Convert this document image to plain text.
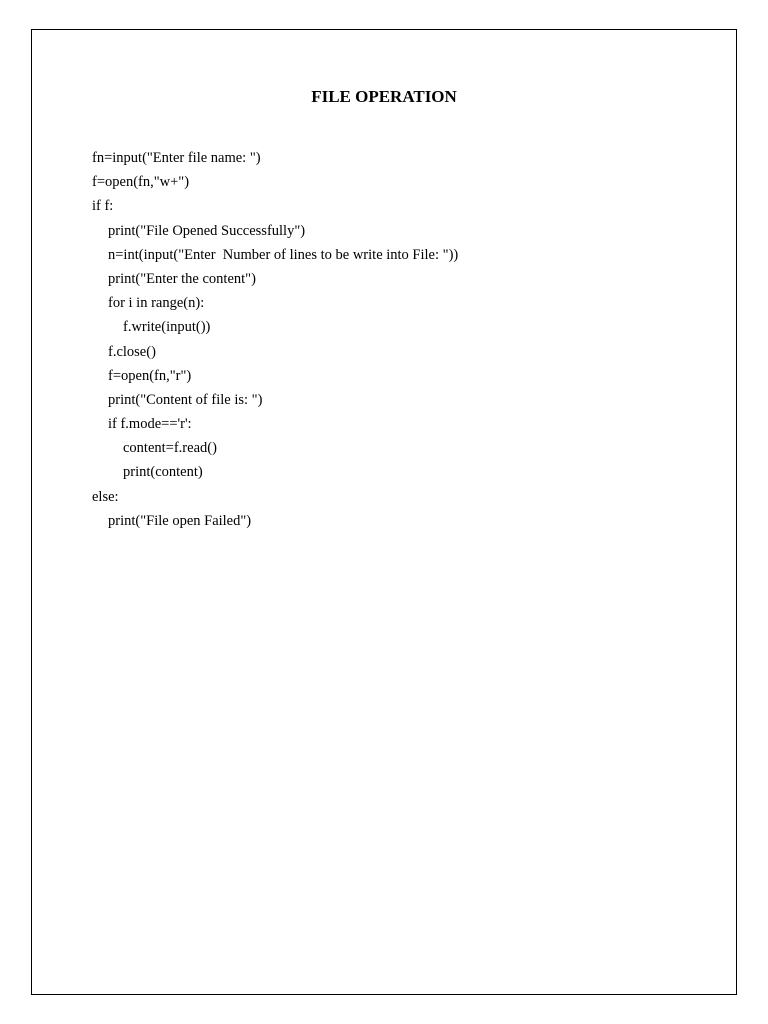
FILE OPERATION
fn=input("Enter file name: ")
f=open(fn,"w+")
if f:
print("File Opened Successfully")
n=int(input("Enter  Number of lines to be write into File: "))
print("Enter the content")
for i in range(n):
f.write(input())
f.close()
f=open(fn,"r")
print("Content of file is: ")
if f.mode=='r':
content=f.read()
print(content)
else:
print("File open Failed")
